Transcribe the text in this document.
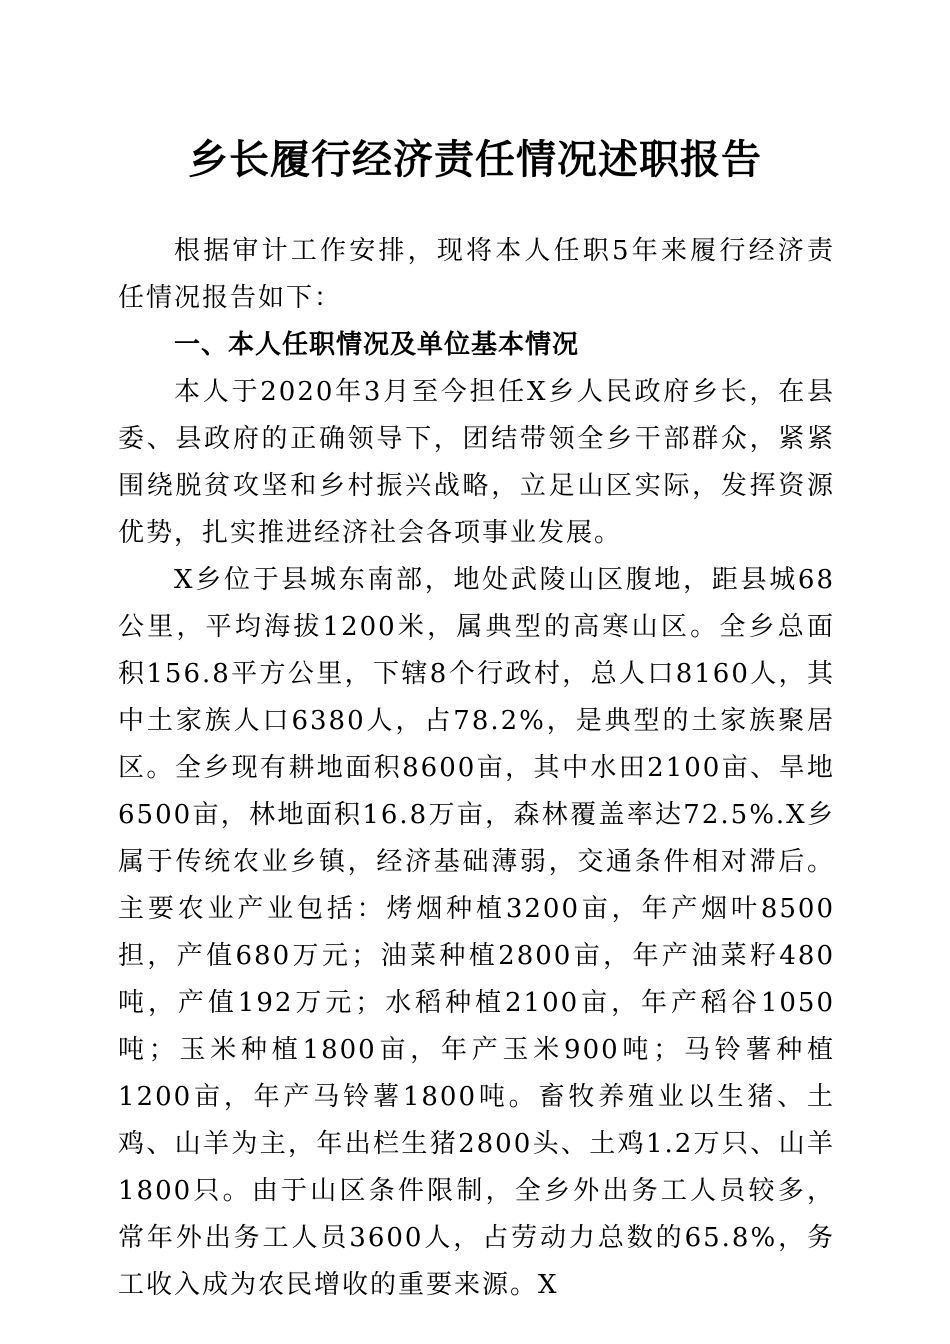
乡长履行经济责任情况述职报告

根据审计工作安排，现将本人任职5年来履行经济责任情况报告如下：

一、本人任职情况及单位基本情况

本人于2020年3月至今担任X乡人民政府乡长，在县委、县政府的正确领导下，团结带领全乡干部群众，紧紧围绕脱贫攻坚和乡村振兴战略，立足山区实际，发挥资源优势，扎实推进经济社会各项事业发展。

X乡位于县城东南部，地处武陵山区腹地，距县城68公里，平均海拔1200米，属典型的高寒山区。全乡总面积156.8平方公里，下辖8个行政村，总人口8160人，其中土家族人口6380人，占78.2%，是典型的土家族聚居区。全乡现有耕地面积8600亩，其中水田2100亩、旱地6500亩，林地面积16.8万亩，森林覆盖率达72.5%.X乡属于传统农业乡镇，经济基础薄弱，交通条件相对滞后。主要农业产业包括：烤烟种植3200亩，年产烟叶8500担，产值680万元；油菜种植2800亩，年产油菜籽480吨，产值192万元；水稻种植2100亩，年产稻谷1050吨；玉米种植1800亩，年产玉米900吨；马铃薯种植1200亩，年产马铃薯1800吨。畜牧养殖业以生猪、土鸡、山羊为主，年出栏生猪2800头、土鸡1.2万只、山羊1800只。由于山区条件限制，全乡外出务工人员较多，常年外出务工人员3600人，占劳动力总数的65.8%，务工收入成为农民增收的重要来源。X
